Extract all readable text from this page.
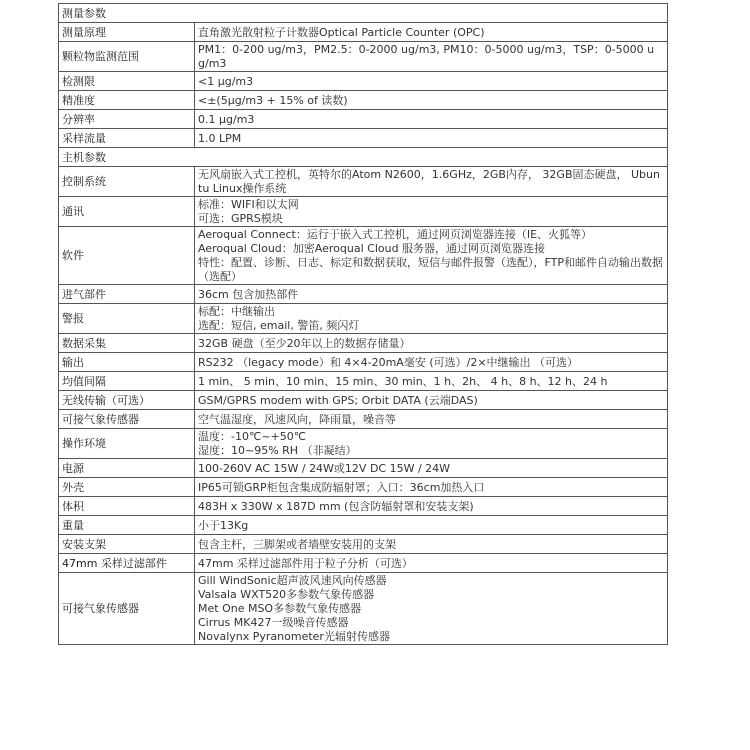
测量参数	
测量原理	直角激光散射粒子计数器Optical Particle Counter (OPC)

颗粒物监测范围	PM1：0-200 ug/m3，PM2.5：0-2000 ug/m3, PM10：0-5000 ug/m3，TSP：0-5000 ug/m3

检测限	<1 μg/m3

精准度	<±(5μg/m3 + 15% of 读数)

分辨率	0.1 μg/m3

采样流量	1.0 LPM

主机参数	
控制系统	无风扇嵌入式工控机，英特尔的Atom N2600，1.6GHz，2GB内存， 32GB固态硬盘， Ubuntu Linux操作系统

通讯	标准：WIFI和以太网
可选：GPRS模块

软件	Aeroqual Connect：运行于嵌入式工控机，通过网页浏览器连接（IE、火狐等）
Aeroqual Cloud：加密Aeroqual Cloud 服务器，通过网页浏览器连接
特性：配置、诊断、日志、标定和数据获取，短信与邮件报警（选配），FTP和邮件自动输出数据（选配）

进气部件	36cm 包含加热部件

警报	标配：中继输出
选配：短信, email, 警笛, 频闪灯

数据采集	32GB 硬盘（至少20年以上的数据存储量）

输出	RS232 （legacy mode）和 4×4-20mA毫安 (可选）/2×中继输出 （可选）

均值间隔	1 min、 5 min、10 min、15 min、30 min、1 h、2h、 4 h、8 h、12 h、24 h

无线传输（可选）	GSM/GPRS modem with GPS; Orbit DATA (云端DAS)

可接气象传感器	空气温湿度，风速风向，降雨量，噪音等

操作环境	温度：-10℃~+50℃
湿度：10~95% RH （非凝结）

电源	100-260V AC 15W / 24W或12V DC 15W / 24W

外壳	IP65可锁GRP柜包含集成防辐射罩；入口：36cm加热入口

体积	483H x 330W x 187D mm (包含防辐射罩和安装支架)

重量	小于13Kg

安装支架	包含主杆，三脚架或者墙壁安装用的支架

47mm 采样过滤部件	47mm 采样过滤部件用于粒子分析（可选）

可接气象传感器	Gill WindSonic超声波风速风向传感器
Valsala WXT520多参数气象传感器
Met One MSO多参数气象传感器
Cirrus MK427一级噪音传感器
Novalynx Pyranometer光辐射传感器
